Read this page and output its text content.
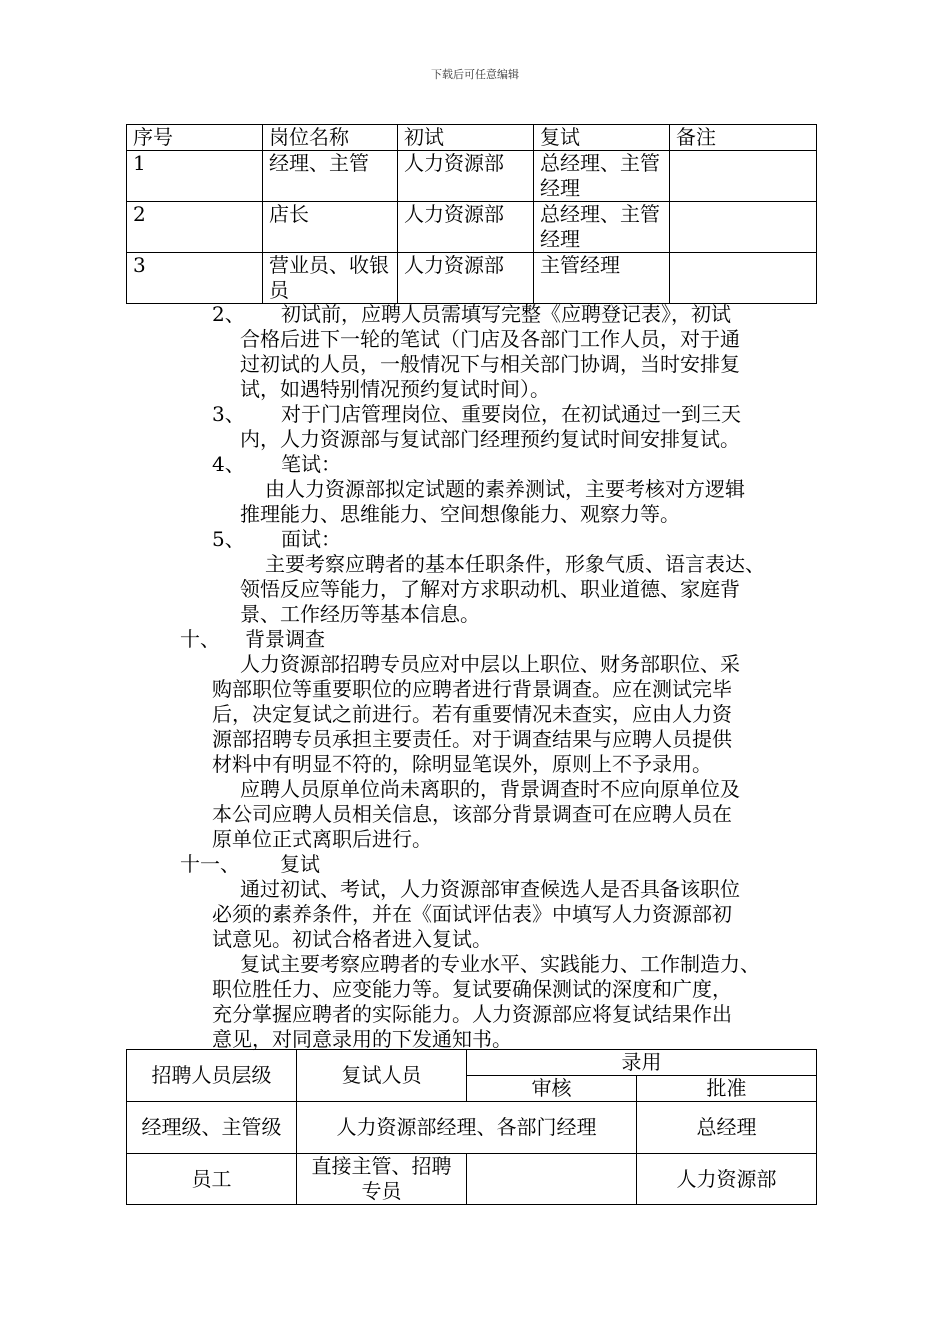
下载后可任意编辑
序号	岗位名称	初试	复试	备注
1	经理、主管	人力资源部	总经理、主管经理	
2	店长	人力资源部	总经理、主管经理	
3	营业员、收银员	人力资源部	主管经理	
2、 初试前，应聘人员需填写完整《应聘登记表》，初试
合格后进下一轮的笔试（门店及各部门工作人员，对于通
过初试的人员，一般情况下与相关部门协调，当时安排复
试，如遇特别情况预约复试时间）。
3、 对于门店管理岗位、重要岗位，在初试通过一到三天
内，人力资源部与复试部门经理预约复试时间安排复试。
4、 笔试：
由人力资源部拟定试题的素养测试，主要考核对方逻辑
推理能力、思维能力、空间想像能力、观察力等。
5、 面试：
主要考察应聘者的基本任职条件，形象气质、语言表达、
领悟反应等能力，了解对方求职动机、职业道德、家庭背
景、工作经历等基本信息。
十、 背景调查
人力资源部招聘专员应对中层以上职位、财务部职位、采
购部职位等重要职位的应聘者进行背景调查。应在测试完毕
后，决定复试之前进行。若有重要情况未查实，应由人力资
源部招聘专员承担主要责任。对于调查结果与应聘人员提供
材料中有明显不符的，除明显笔误外，原则上不予录用。
应聘人员原单位尚未离职的，背景调查时不应向原单位及
本公司应聘人员相关信息，该部分背景调查可在应聘人员在
原单位正式离职后进行。
十一、 复试
通过初试、考试，人力资源部审查候选人是否具备该职位
必须的素养条件，并在《面试评估表》中填写人力资源部初
试意见。初试合格者进入复试。
复试主要考察应聘者的专业水平、实践能力、工作制造力、
职位胜任力、应变能力等。复试要确保测试的深度和广度，
充分掌握应聘者的实际能力。人力资源部应将复试结果作出
意见，对同意录用的下发通知书。
招聘人员层级	复试人员	录用	
		审核	批准
经理级、主管级	人力资源部经理、各部门经理		总经理
员工	直接主管、招聘专员		人力资源部
